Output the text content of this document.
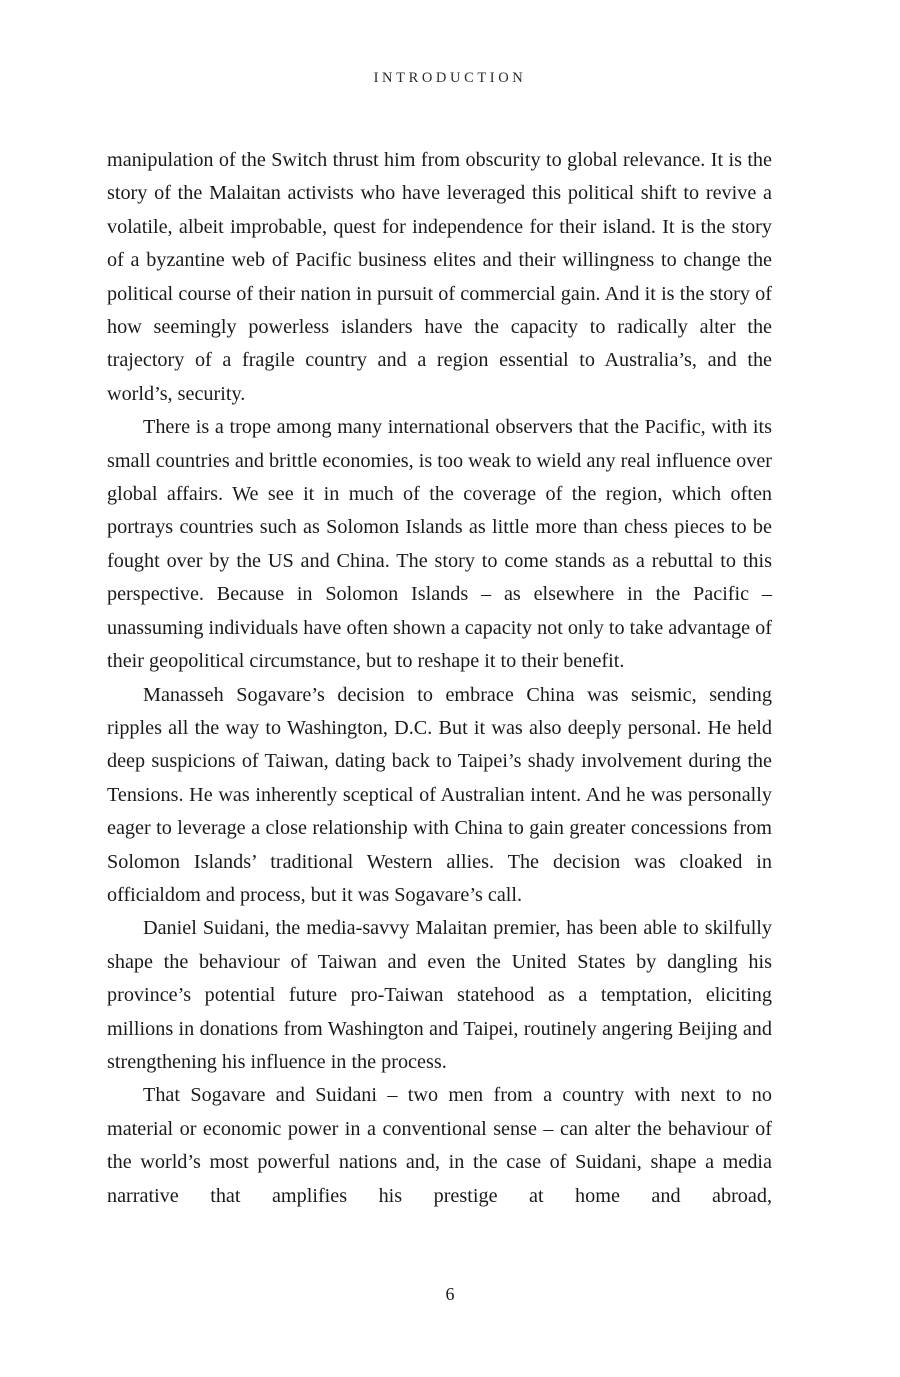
INTRODUCTION

manipulation of the Switch thrust him from obscurity to global relevance. It is the story of the Malaitan activists who have leveraged this political shift to revive a volatile, albeit improbable, quest for independence for their island. It is the story of a byzantine web of Pacific business elites and their willingness to change the political course of their nation in pursuit of commercial gain. And it is the story of how seemingly powerless islanders have the capacity to radically alter the trajectory of a fragile country and a region essential to Australia’s, and the world’s, security.

There is a trope among many international observers that the Pacific, with its small countries and brittle economies, is too weak to wield any real influence over global affairs. We see it in much of the coverage of the region, which often portrays countries such as Solomon Islands as little more than chess pieces to be fought over by the US and China. The story to come stands as a rebuttal to this perspective. Because in Solomon Islands – as elsewhere in the Pacific – unassuming individuals have often shown a capacity not only to take advantage of their geopolitical circumstance, but to reshape it to their benefit.

Manasseh Sogavare’s decision to embrace China was seismic, sending ripples all the way to Washington, D.C. But it was also deeply personal. He held deep suspicions of Taiwan, dating back to Taipei’s shady involvement during the Tensions. He was inherently sceptical of Australian intent. And he was personally eager to leverage a close relationship with China to gain greater concessions from Solomon Islands’ traditional Western allies. The decision was cloaked in officialdom and process, but it was Sogavare’s call.

Daniel Suidani, the media-savvy Malaitan premier, has been able to skilfully shape the behaviour of Taiwan and even the United States by dangling his province’s potential future pro-Taiwan statehood as a temptation, eliciting millions in donations from Washington and Taipei, routinely angering Beijing and strengthening his influence in the process.

That Sogavare and Suidani – two men from a country with next to no material or economic power in a conventional sense – can alter the behaviour of the world’s most powerful nations and, in the case of Suidani, shape a media narrative that amplifies his prestige at home and abroad,

6
